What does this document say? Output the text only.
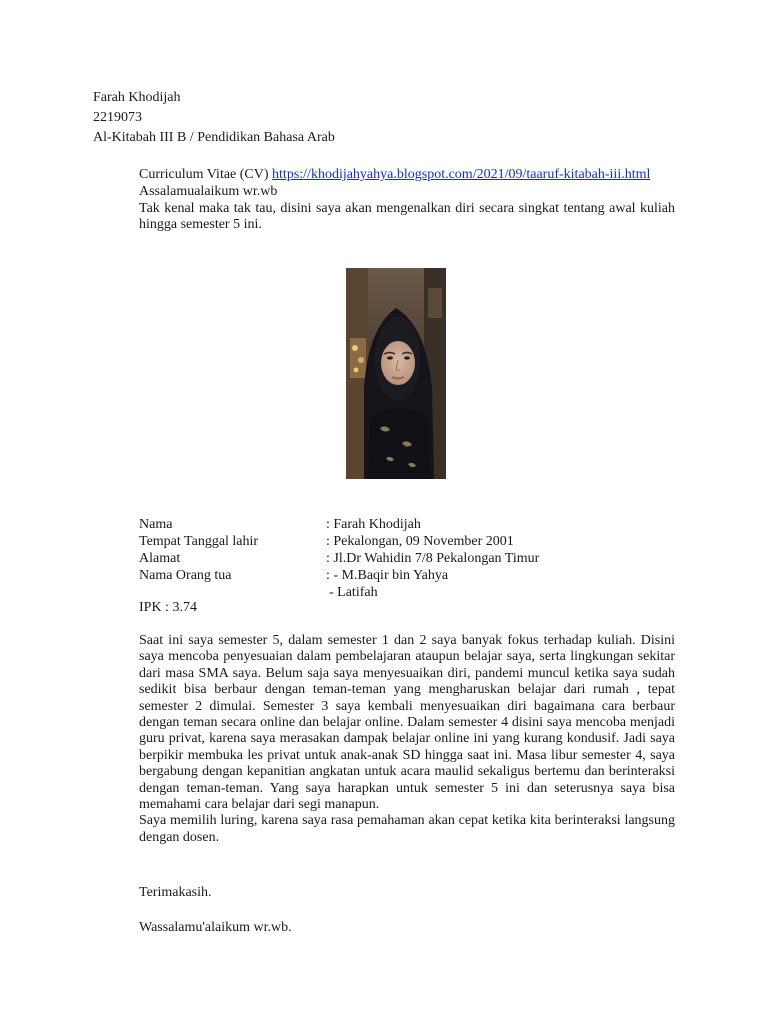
Farah Khodijah
2219073
Al-Kitabah III B / Pendidikan Bahasa Arab

Curriculum Vitae (CV) https://khodijahyahya.blogspot.com/2021/09/taaruf-kitabah-iii.html

Assalamualaikum wr.wb

Tak kenal maka tak tau, disini saya akan mengenalkan diri secara singkat tentang awal kuliah hingga semester 5 ini.

Nama	: Farah Khodijah
Tempat Tanggal lahir	: Pekalongan, 09 November 2001
Alamat	: Jl.Dr Wahidin 7/8 Pekalongan Timur
Nama Orang tua	: - M.Baqir bin Yahya
- Latifah
IPK : 3.74

Saat ini saya semester 5, dalam semester 1 dan 2 saya banyak fokus terhadap kuliah. Disini saya mencoba penyesuaian dalam pembelajaran ataupun belajar saya, serta lingkungan sekitar dari masa SMA saya. Belum saja saya menyesuaikan diri, pandemi muncul ketika saya sudah sedikit bisa berbaur dengan teman-teman yang mengharuskan belajar dari rumah , tepat semester 2 dimulai. Semester 3 saya kembali menyesuaikan diri bagaimana cara berbaur dengan teman secara online dan belajar online. Dalam semester 4 disini saya mencoba menjadi guru privat, karena saya merasakan dampak belajar online ini yang kurang kondusif. Jadi saya berpikir membuka les privat untuk anak-anak SD hingga saat ini. Masa libur semester 4, saya bergabung dengan kepanitian angkatan untuk acara maulid sekaligus bertemu dan berinteraksi dengan teman-teman. Yang saya harapkan untuk semester 5 ini dan seterusnya saya bisa memahami cara belajar dari segi manapun.

Saya memilih luring, karena saya rasa pemahaman akan cepat ketika kita berinteraksi langsung dengan dosen.

Terimakasih.

Wassalamu'alaikum wr.wb.
